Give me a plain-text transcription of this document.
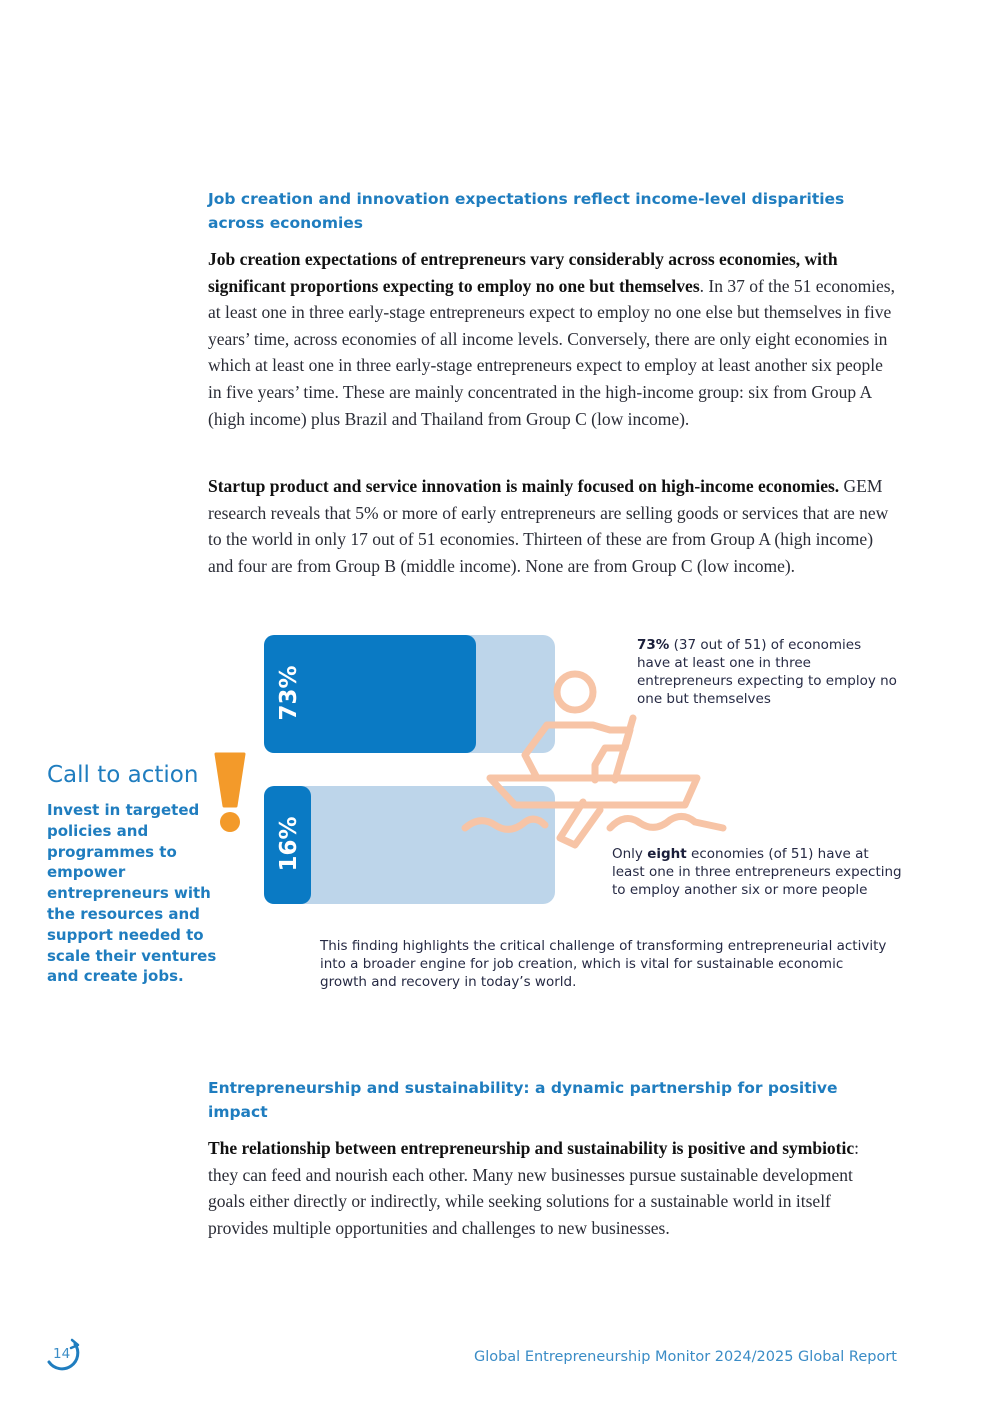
Job creation and innovation expectations reflect income-level disparities across economies

Job creation expectations of entrepreneurs vary considerably across economies, with significant proportions expecting to employ no one but themselves. In 37 of the 51 economies, at least one in three early-stage entrepreneurs expect to employ no one else but themselves in five years’ time, across economies of all income levels. Conversely, there are only eight economies in which at least one in three early-stage entrepreneurs expect to employ at least another six people in five years’ time. These are mainly concentrated in the high-income group: six from Group A (high income) plus Brazil and Thailand from Group C (low income).

Startup product and service innovation is mainly focused on high-income economies. GEM research reveals that 5% or more of early entrepreneurs are selling goods or services that are new to the world in only 17 out of 51 economies. Thirteen of these are from Group A (high income) and four are from Group B (middle income). None are from Group C (low income).

73%
16%
73% (37 out of 51) of economies have at least one in three entrepreneurs expecting to employ no one but themselves
Only eight economies (of 51) have at least one in three entrepreneurs expecting to employ another six or more people
This finding highlights the critical challenge of transforming entrepreneurial activity into a broader engine for job creation, which is vital for sustainable economic growth and recovery in today’s world.
Call to action
Invest in targeted policies and programmes to empower entrepreneurs with the resources and support needed to scale their ventures and create jobs.
Entrepreneurship and sustainability: a dynamic partnership for positive impact

The relationship between entrepreneurship and sustainability is positive and symbiotic: they can feed and nourish each other. Many new businesses pursue sustainable development goals either directly or indirectly, while seeking solutions for a sustainable world in itself provides multiple opportunities and challenges to new businesses.

14	Global Entrepreneurship Monitor 2024/2025 Global Report
